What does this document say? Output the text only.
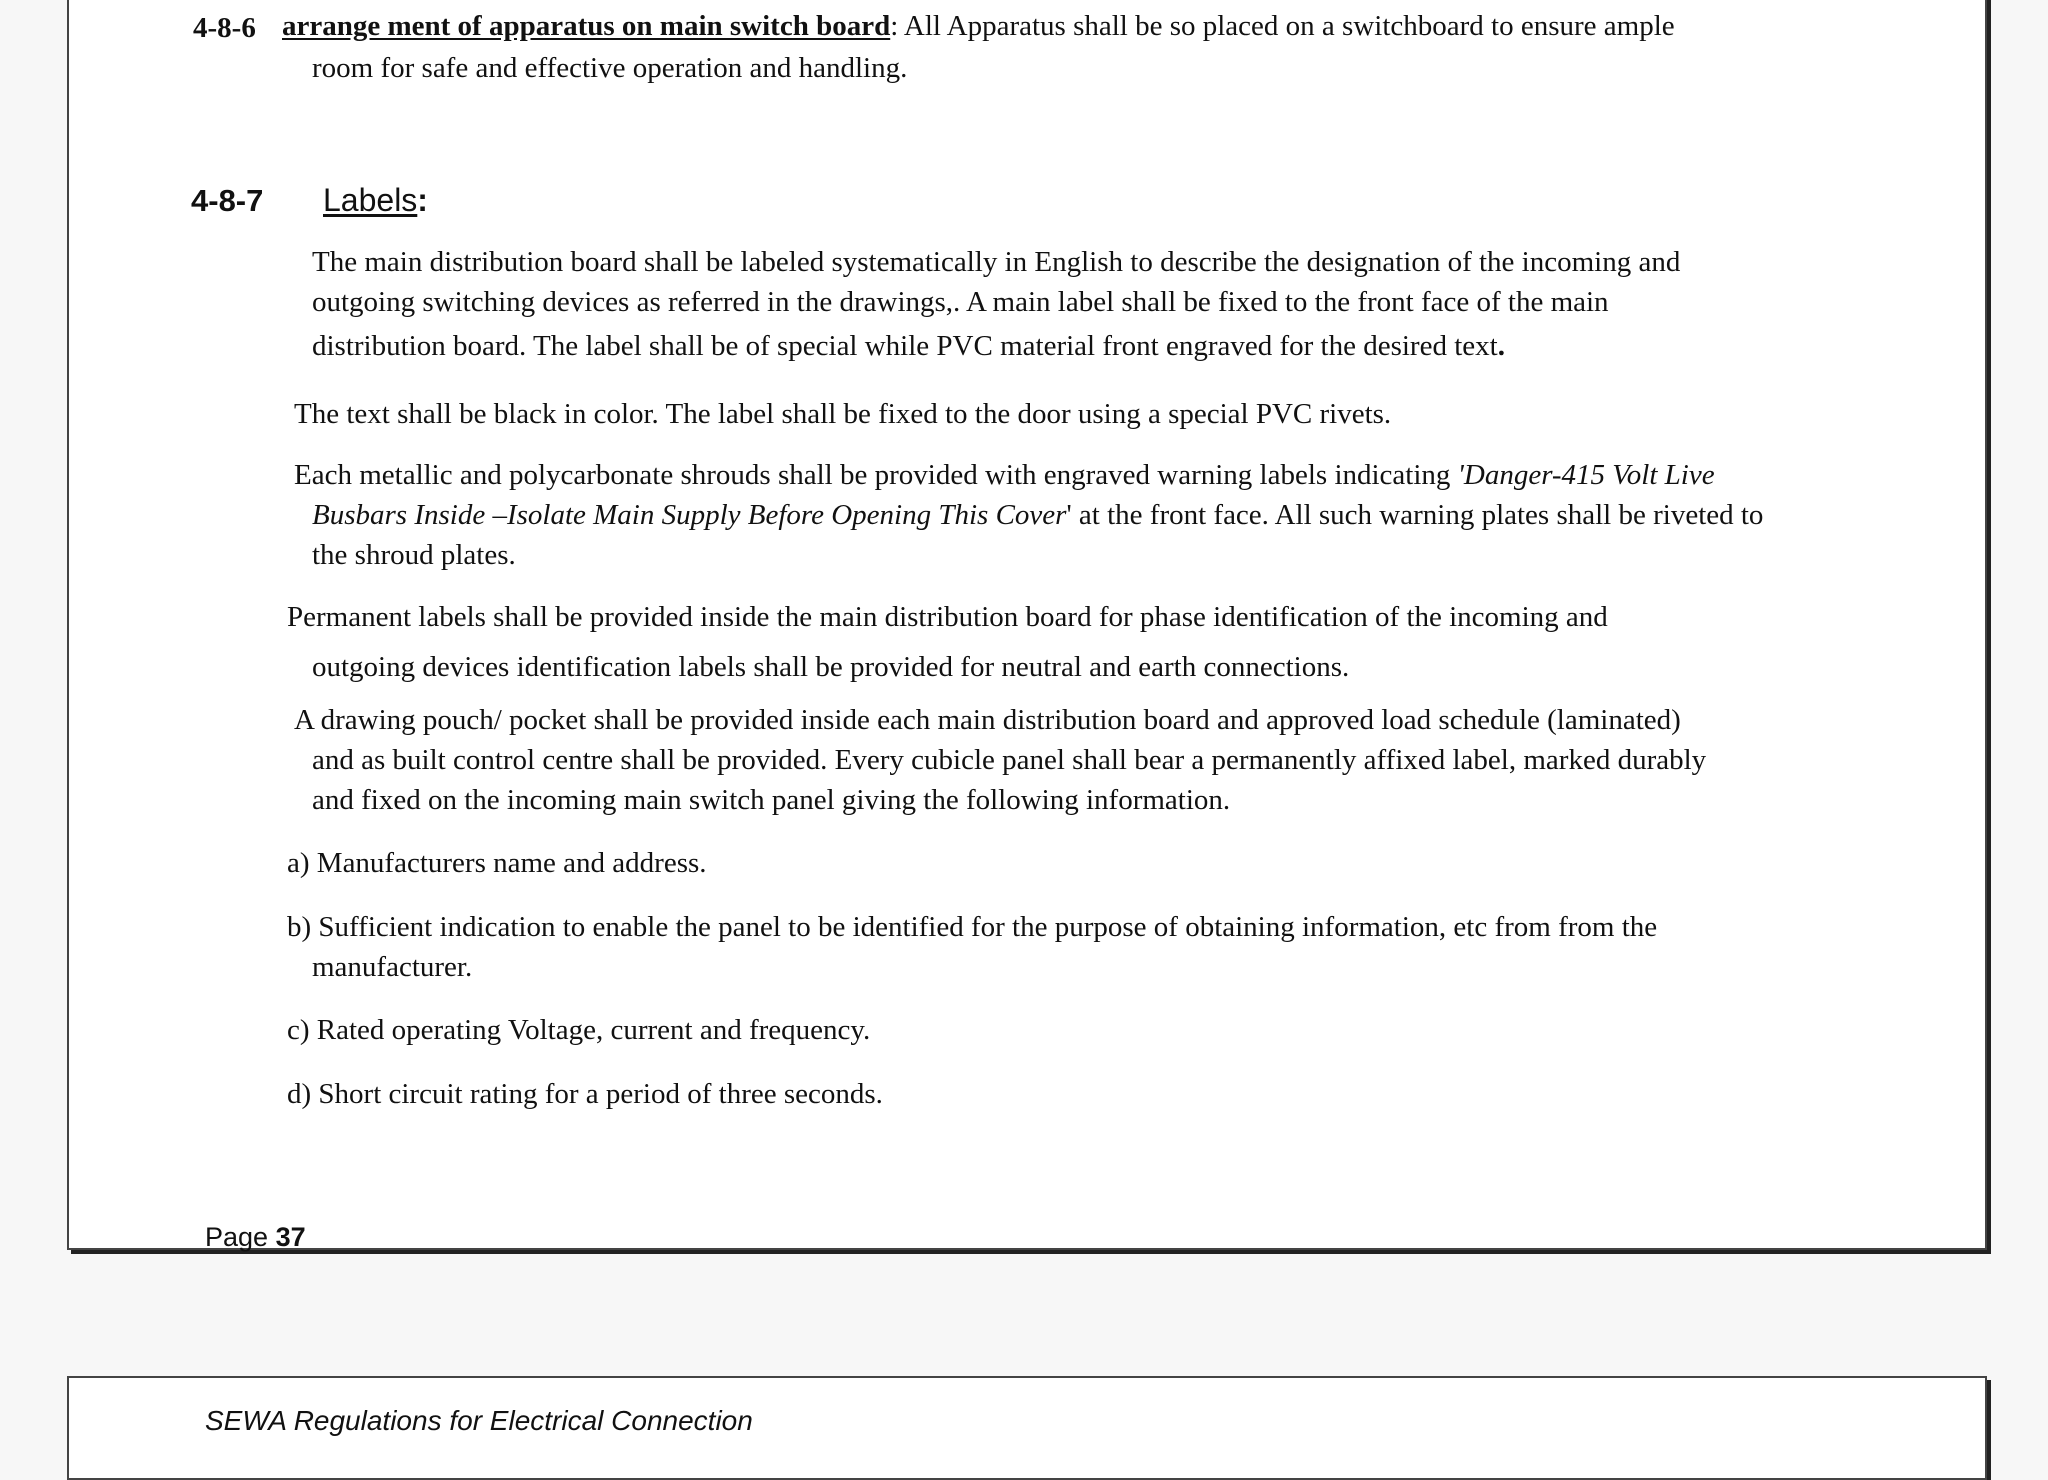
4-8-6 arrange ment of apparatus on main switch board: All Apparatus shall be so placed on a switchboard to ensure ample
room for safe and effective operation and handling.
4-8-7 Labels:
The main distribution board shall be labeled systematically in English to describe the designation of the incoming and
outgoing switching devices as referred in the drawings,. A main label shall be fixed to the front face of the main
distribution board. The label shall be of special while PVC material front engraved for the desired text.
The text shall be black in color. The label shall be fixed to the door using a special PVC rivets.
Each metallic and polycarbonate shrouds shall be provided with engraved warning labels indicating 'Danger-415 Volt Live
Busbars Inside –Isolate Main Supply Before Opening This Cover' at the front face. All such warning plates shall be riveted to
the shroud plates.
Permanent labels shall be provided inside the main distribution board for phase identification of the incoming and
outgoing devices identification labels shall be provided for neutral and earth connections.
A drawing pouch/ pocket shall be provided inside each main distribution board and approved load schedule (laminated)
and as built control centre shall be provided. Every cubicle panel shall bear a permanently affixed label, marked durably
and fixed on the incoming main switch panel giving the following information.
a) Manufacturers name and address.
b) Sufficient indication to enable the panel to be identified for the purpose of obtaining information, etc from from the
manufacturer.
c) Rated operating Voltage, current and frequency.
d) Short circuit rating for a period of three seconds.
Page 37
SEWA Regulations for Electrical Connection
